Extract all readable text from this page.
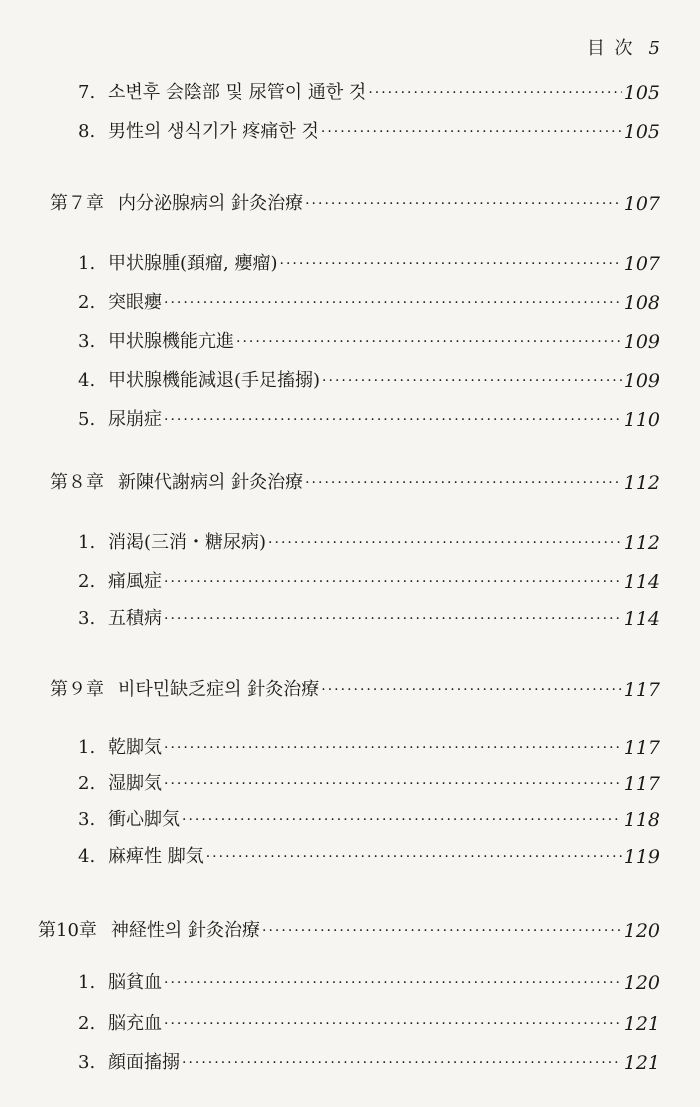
目 次 5
7. 소변후 会陰部 및 尿管이 通한 것 ·····	105
8. 男性의 생식기가 疼痛한 것 ·····	105
第７章 内分泌腺病의 針灸治療 ·····	107
1. 甲状腺腫(頚瘤, 癭瘤) ·····	107
2. 突眼癭 ·····	108
3. 甲状腺機能亢進 ·····	109
4. 甲状腺機能減退(手足搐搦) ·····	109
5. 尿崩症 ·····	110
第８章 新陳代謝病의 針灸治療 ·····	112
1. 消渇(三消・糖尿病) ·····	112
2. 痛風症 ·····	114
3. 五積病 ·····	114
第９章 비타민缺乏症의 針灸治療 ·····	117
1. 乾脚気 ·····	117
2. 湿脚気 ·····	117
3. 衝心脚気 ·····	118
4. 麻痺性 脚気 ·····	119
第10章 神経性의 針灸治療 ·····	120
1. 脳貧血 ·····	120
2. 脳充血 ·····	121
3. 顔面搐搦 ·····	121
